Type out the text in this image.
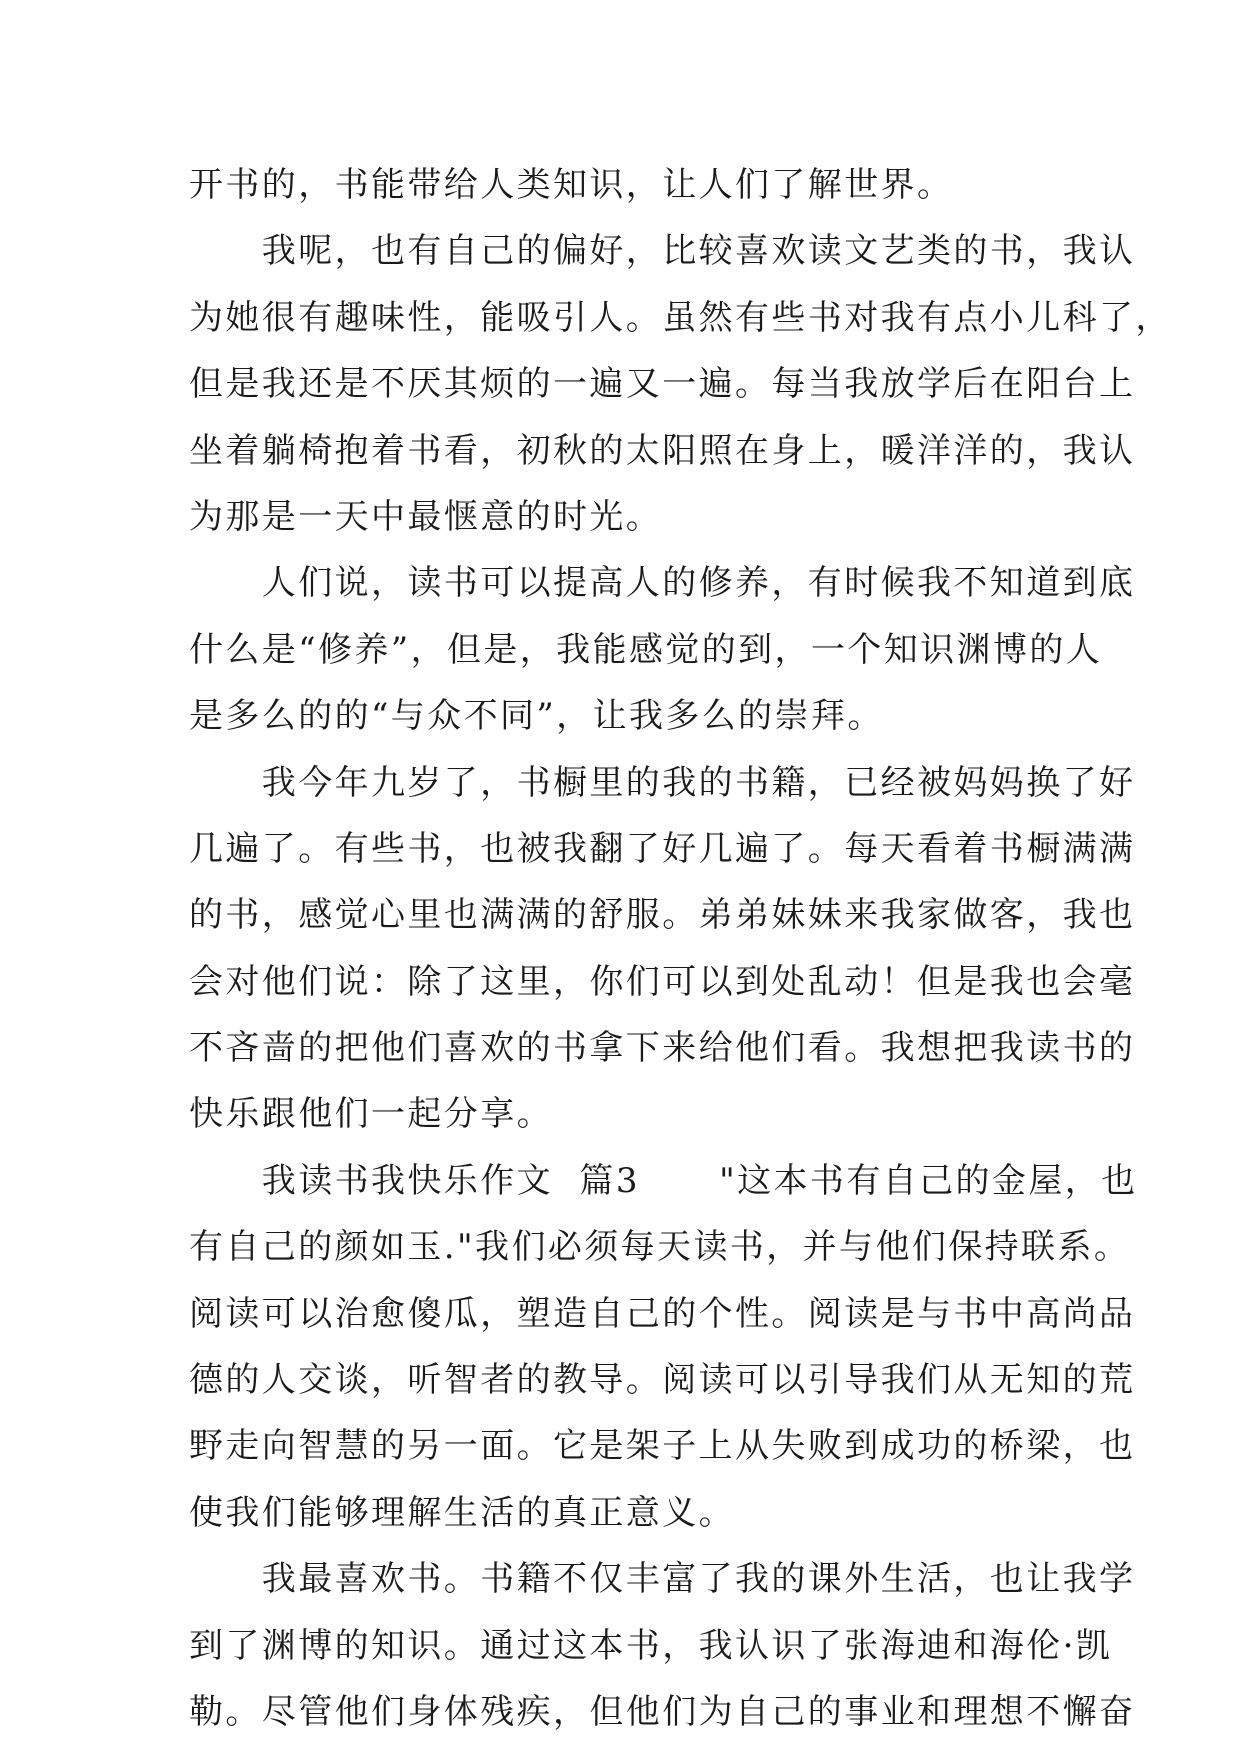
开书的，书能带给人类知识，让人们了解世界。
　　我呢，也有自己的偏好，比较喜欢读文艺类的书，我认
为她很有趣味性，能吸引人。虽然有些书对我有点小儿科了，
但是我还是不厌其烦的一遍又一遍。每当我放学后在阳台上
坐着躺椅抱着书看，初秋的太阳照在身上，暖洋洋的，我认
为那是一天中最惬意的时光。
　　人们说，读书可以提高人的修养，有时候我不知道到底
什么是“修养”，但是，我能感觉的到，一个知识渊博的人
是多么的的“与众不同”，让我多么的崇拜。
　　我今年九岁了，书橱里的我的书籍，已经被妈妈换了好
几遍了。有些书，也被我翻了好几遍了。每天看着书橱满满
的书，感觉心里也满满的舒服。弟弟妹妹来我家做客，我也
会对他们说：除了这里，你们可以到处乱动！但是我也会毫
不吝啬的把他们喜欢的书拿下来给他们看。我想把我读书的
快乐跟他们一起分享。
　　我读书我快乐作文  篇3      "这本书有自己的金屋，也
有自己的颜如玉."我们必须每天读书，并与他们保持联系。
阅读可以治愈傻瓜，塑造自己的个性。阅读是与书中高尚品
德的人交谈，听智者的教导。阅读可以引导我们从无知的荒
野走向智慧的另一面。它是架子上从失败到成功的桥梁，也
使我们能够理解生活的真正意义。
　　我最喜欢书。书籍不仅丰富了我的课外生活，也让我学
到了渊博的知识。通过这本书，我认识了张海迪和海伦·凯
勒。尽管他们身体残疾，但他们为自己的事业和理想不懈奋
